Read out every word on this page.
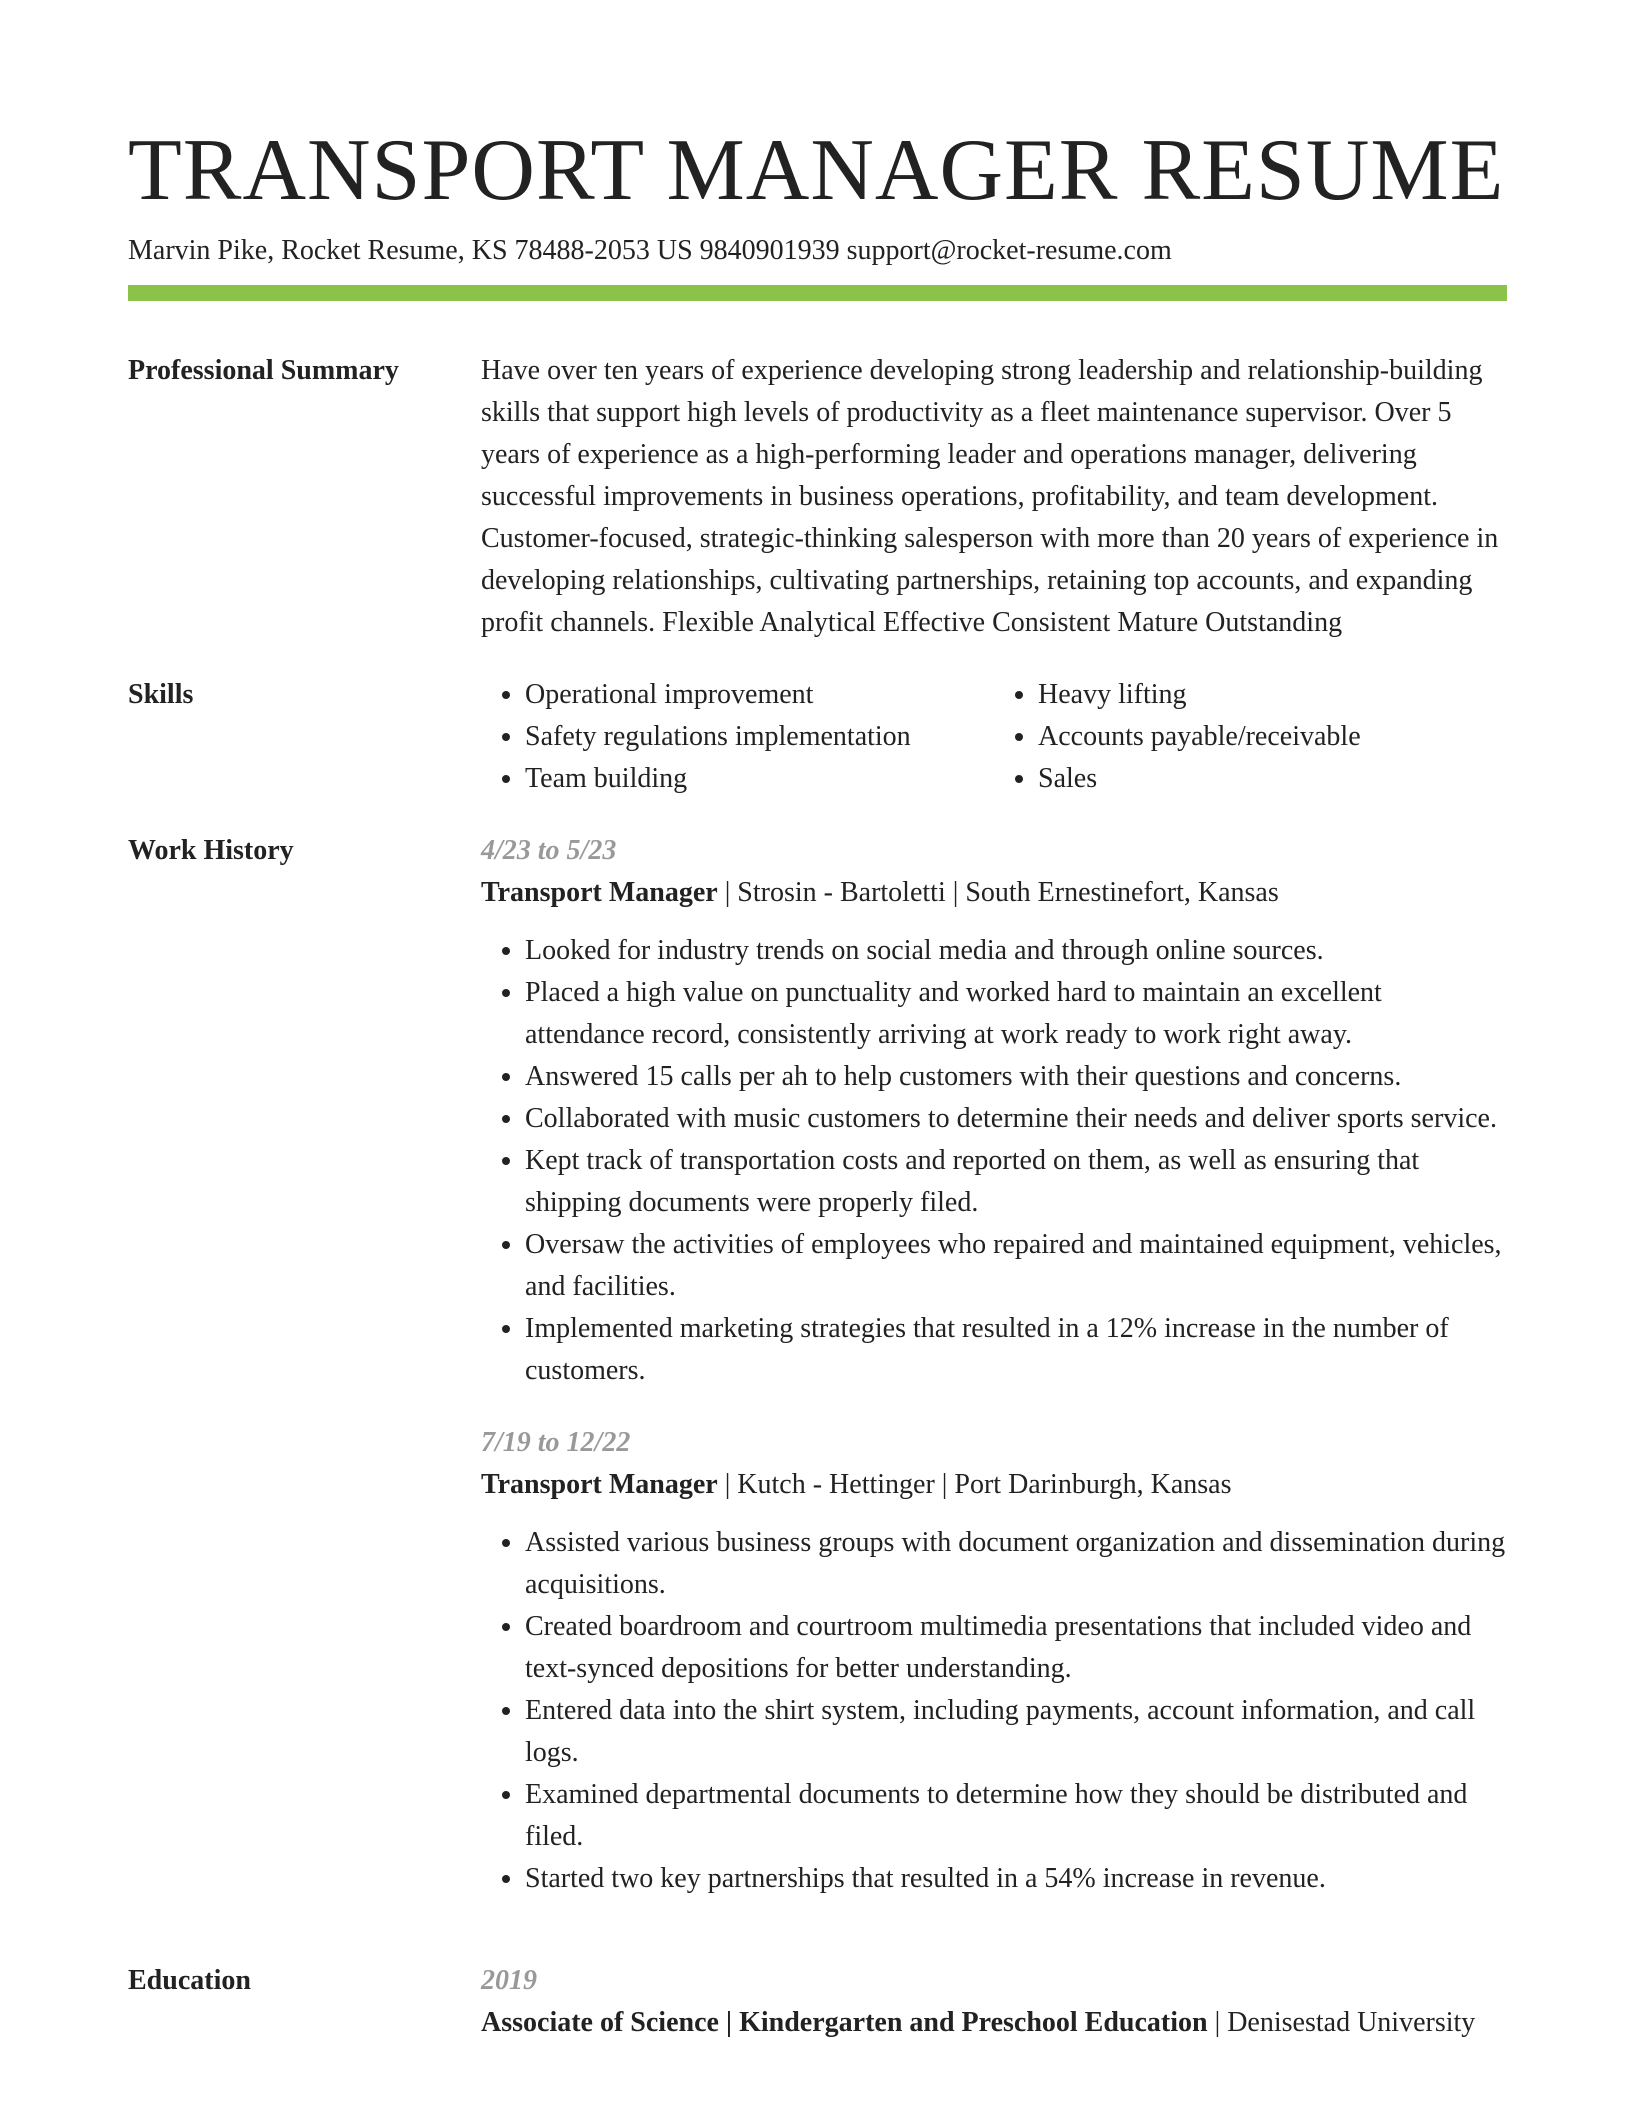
TRANSPORT MANAGER RESUME
Marvin Pike, Rocket Resume, KS 78488-2053 US 9840901939 support@rocket-resume.com
Professional Summary	Have over ten years of experience developing strong leadership and relationship-building skills that support high levels of productivity as a fleet maintenance supervisor. Over 5 years of experience as a high-performing leader and operations manager, delivering successful improvements in business operations, profitability, and team development. Customer-focused, strategic-thinking salesperson with more than 20 years of experience in developing relationships, cultivating partnerships, retaining top accounts, and expanding profit channels. Flexible Analytical Effective Consistent Mature Outstanding
Skills
•	Operational improvement
• Safety regulations implementation
• Team building
• Heavy lifting
• Accounts payable/receivable
• Sales
Work History	4/23 to 5/23
Transport Manager | Strosin - Bartoletti | South Ernestinefort, Kansas
• Looked for industry trends on social media and through online sources.
• Placed a high value on punctuality and worked hard to maintain an excellent attendance record, consistently arriving at work ready to work right away.
• Answered 15 calls per ah to help customers with their questions and concerns.
• Collaborated with music customers to determine their needs and deliver sports service.
• Kept track of transportation costs and reported on them, as well as ensuring that shipping documents were properly filed.
• Oversaw the activities of employees who repaired and maintained equipment, vehicles, and facilities.
• Implemented marketing strategies that resulted in a 12% increase in the number of customers.
7/19 to 12/22
Transport Manager | Kutch - Hettinger | Port Darinburgh, Kansas
• Assisted various business groups with document organization and dissemination during acquisitions.
• Created boardroom and courtroom multimedia presentations that included video and text-synced depositions for better understanding.
• Entered data into the shirt system, including payments, account information, and call logs.
• Examined departmental documents to determine how they should be distributed and filed.
• Started two key partnerships that resulted in a 54% increase in revenue.
Education	2019
Associate of Science | Kindergarten and Preschool Education | Denisestad University
